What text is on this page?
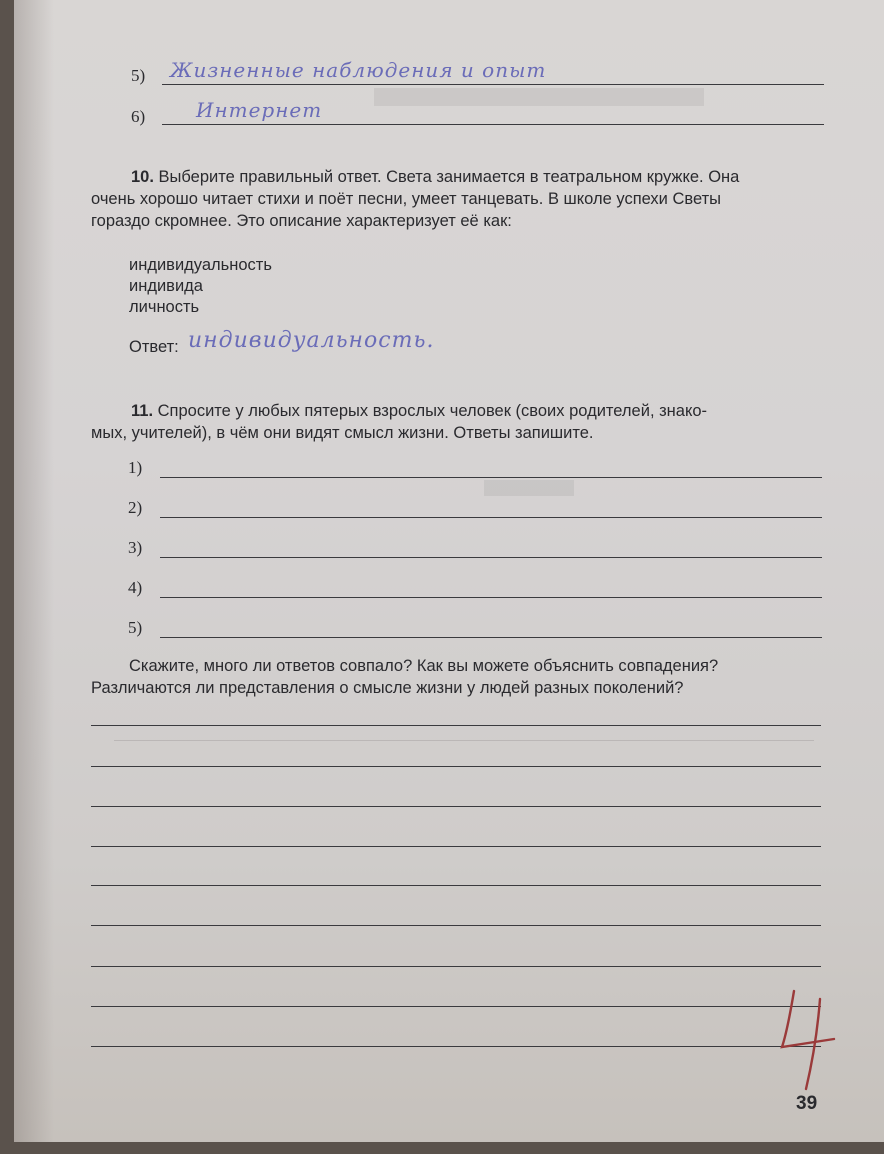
5) Жизненные наблюдения и опыт
6)	Интернет
10. Выберите правильный ответ. Света занимается в театральном кружке. Она
очень хорошо читает стихи и поёт песни, умеет танцевать. В школе успехи Светы
гораздо скромнее. Это описание характеризует её как:
индивидуальность
индивида
личность
Ответ: индивидуальность.
11. Спросите у любых пятерых взрослых человек (своих родителей, знако-
мых, учителей), в чём они видят смысл жизни. Ответы запишите.
1)
2)
3)
4)
5)
Скажите, много ли ответов совпало? Как вы можете объяснить совпадения?
Различаются ли представления о смысле жизни у людей разных поколений?
39
